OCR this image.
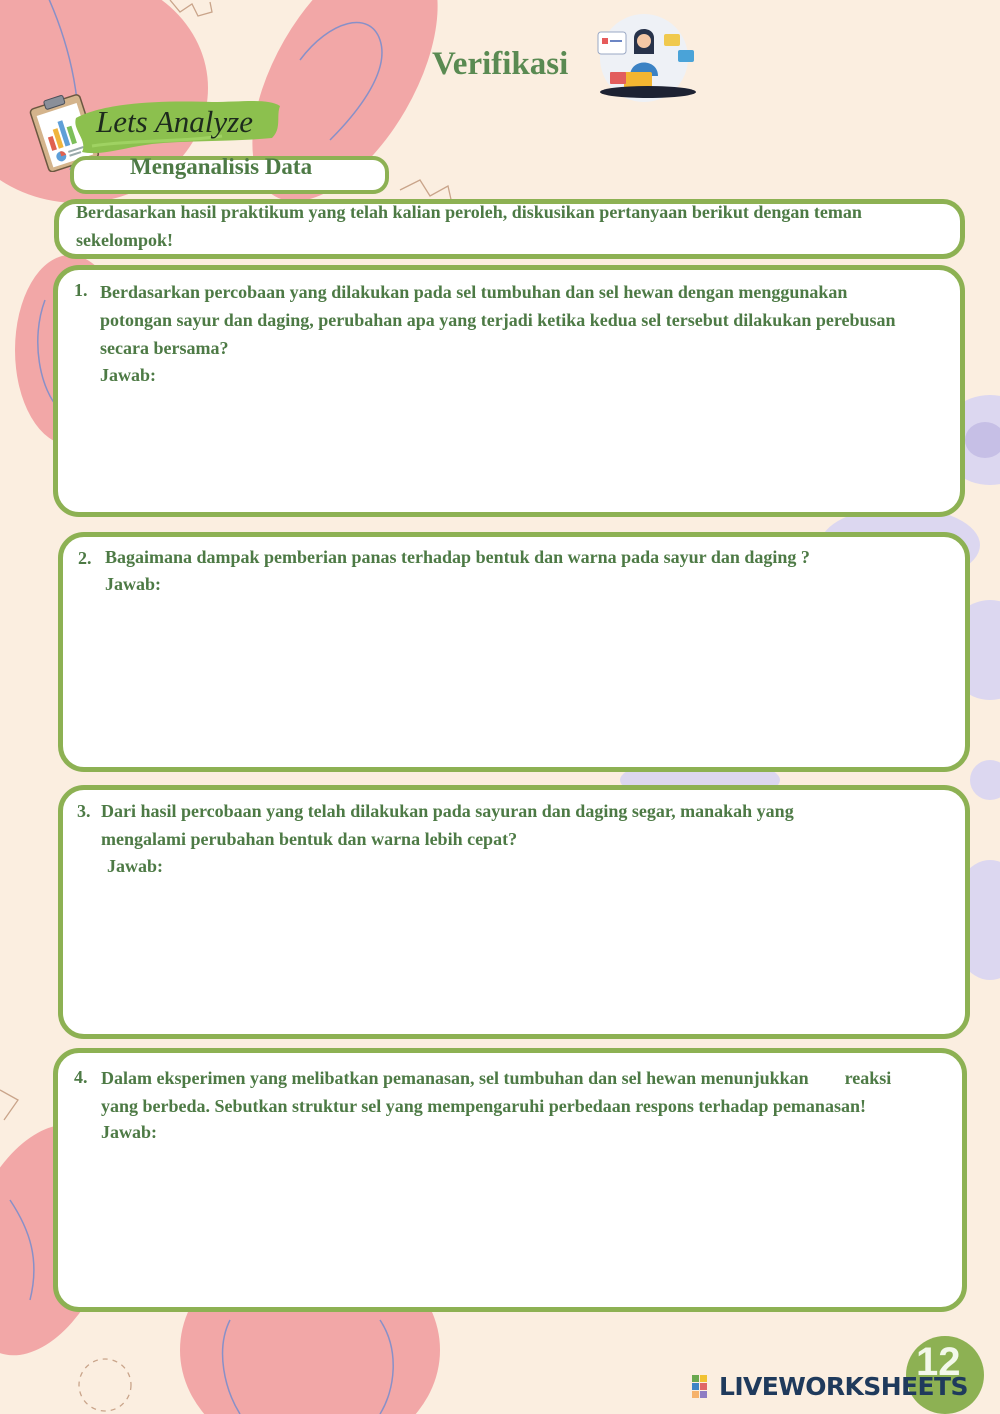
Verifikasi
Lets Analyze
Menganalisis Data

Berdasarkan hasil praktikum yang telah kalian peroleh, diskusikan pertanyaan berikut dengan teman sekelompok!

1. Berdasarkan percobaan yang dilakukan pada sel tumbuhan dan sel hewan dengan menggunakan

potongan sayur dan daging, perubahan apa yang terjadi ketika kedua sel tersebut dilakukan perebusan

secara bersama?

Jawab:
2. Bagaimana dampak pemberian panas terhadap bentuk dan warna pada sayur dan daging ?

Jawab:
3. Dari hasil percobaan yang telah dilakukan pada sayuran dan daging segar, manakah yang

mengalami perubahan bentuk dan warna lebih cepat?

Jawab:
4. Dalam eksperimen yang melibatkan pemanasan, sel tumbuhan dan sel hewan menunjukkan        reaksi

yang berbeda. Sebutkan struktur sel yang mempengaruhi perbedaan respons terhadap pemanasan!

Jawab:
12
LIVEWORKSHEETS
